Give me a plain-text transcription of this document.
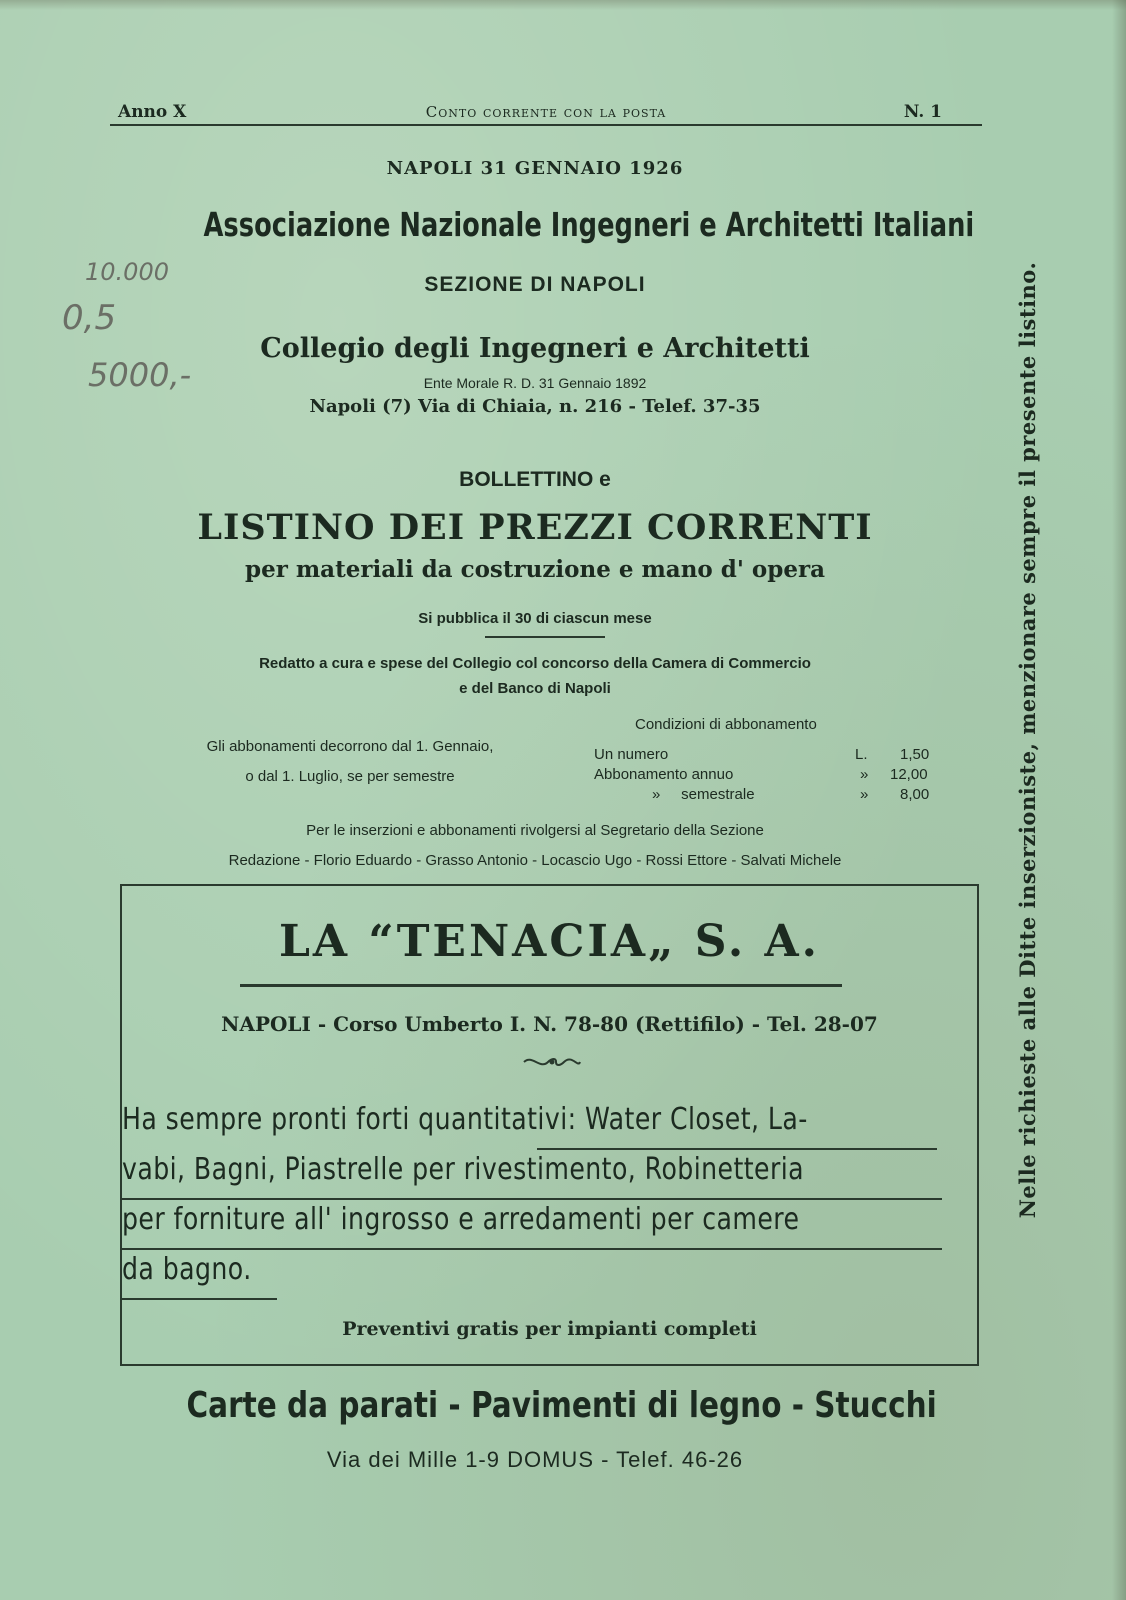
Anno X	Conto corrente con la posta	N. 1
NAPOLI 31 GENNAIO 1926
Associazione Nazionale Ingegneri e Architetti Italiani
SEZIONE DI NAPOLI
Collegio degli Ingegneri e Architetti
Ente Morale R. D. 31 Gennaio 1892
Napoli (7) Via di Chiaia, n. 216 - Telef. 37-35
BOLLETTINO e
LISTINO DEI PREZZI CORRENTI
per materiali da costruzione e mano d' opera
Si pubblica il 30 di ciascun mese
Redatto a cura e spese del Collegio col concorso della Camera di Commercio
e del Banco di Napoli
Gli abbonamenti decorrono dal 1. Gennaio,
o dal 1. Luglio, se per semestre
Condizioni di abbonamento
Un numero	L. 1,50
Abbonamento annuo	» 12,00
»     semestrale	» 8,00
Per le inserzioni e abbonamenti rivolgersi al Segretario della Sezione
Redazione - Florio Eduardo - Grasso Antonio - Locascio Ugo - Rossi Ettore - Salvati Michele
LA “TENACIA„ S. A.
NAPOLI - Corso Umberto I. N. 78-80 (Rettifilo) - Tel. 28-07
Ha sempre pronti forti quantitativi: Water Closet, La-
vabi, Bagni, Piastrelle per rivestimento, Robinetteria
per forniture all' ingrosso e arredamenti per camere
da bagno.
Preventivi gratis per impianti completi
Carte da parati - Pavimenti di legno - Stucchi
Via dei Mille 1-9 DOMUS - Telef. 46-26
Nelle richieste alle Ditte inserzioniste, menzionare sempre il presente listino.
10.000
0,5
5000,-
